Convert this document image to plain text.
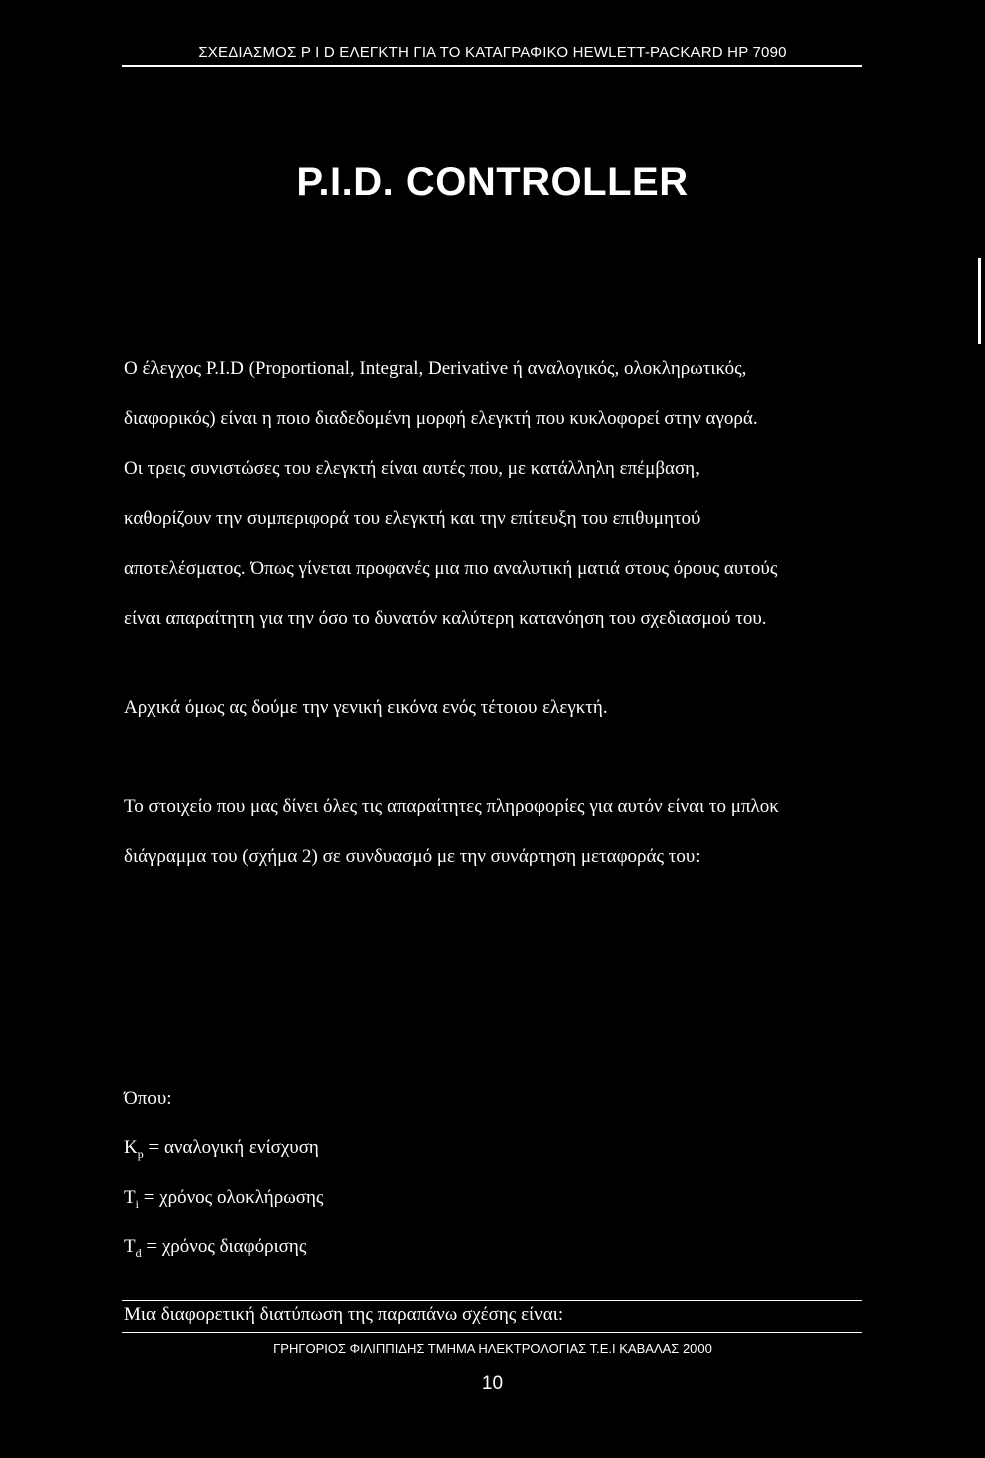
ΣΧΕΔΙΑΣΜΟΣ P I D ΕΛΕΓΚΤΗ ΓΙΑ ΤΟ ΚΑΤΑΓΡΑΦΙΚΟ HEWLETT-PACKARD HP 7090
P.I.D. CONTROLLER
Ο έλεγχος P.I.D (Proportional, Integral, Derivative ή αναλογικός, ολοκληρωτικός,
διαφορικός) είναι η ποιο διαδεδομένη μορφή ελεγκτή που κυκλοφορεί στην αγορά.
Οι τρεις συνιστώσες του ελεγκτή είναι αυτές που, με κατάλληλη επέμβαση,
καθορίζουν την συμπεριφορά του ελεγκτή και την επίτευξη του επιθυμητού
αποτελέσματος. Όπως γίνεται προφανές μια πιο αναλυτική ματιά στους όρους αυτούς
είναι απαραίτητη για την όσο το δυνατόν καλύτερη κατανόηση του σχεδιασμού του.
Αρχικά όμως ας δούμε την γενική εικόνα ενός τέτοιου ελεγκτή.
Το στοιχείο που μας δίνει όλες τις απαραίτητες πληροφορίες για αυτόν είναι το μπλοκ
διάγραμμα του (σχήμα 2) σε συνδυασμό με την συνάρτηση μεταφοράς του:
Όπου:
$K_p = \alpha\nu\alpha\lambda o\gamma\iota\kappa ή$ ενίσχυση
$T_i = \chi\rho ό\nu o\varsigma$ ολοκλήρωσης
$T_d = \chi\rho ό\nu o\varsigma$ διαφόρισης
Μια διαφορετική διατύπωση της παραπάνω σχέσης είναι:
ΓΡΗΓΟΡΙΟΣ ΦΙΛΙΠΠΙΔΗΣ ΤΜΗΜΑ ΗΛΕΚΤΡΟΛΟΓΙΑΣ Τ.Ε.Ι ΚΑΒΑΛΑΣ 2000
10
